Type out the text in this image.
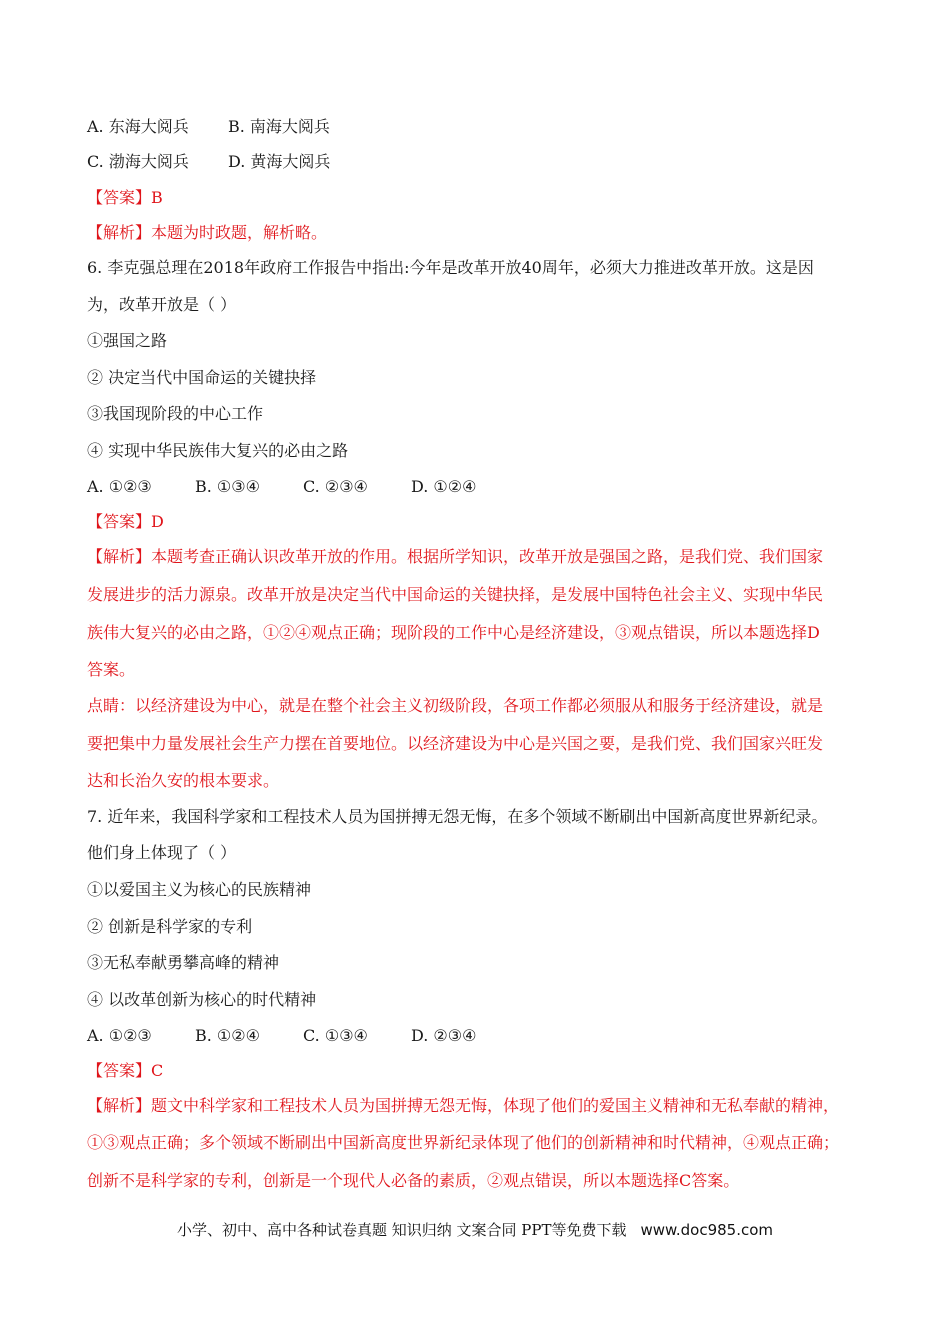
A. 东海大阅兵 B. 南海大阅兵
C. 渤海大阅兵 D. 黄海大阅兵
【答案】B
【解析】本题为时政题，解析略。
6. 李克强总理在2018年政府工作报告中指出:今年是改革开放40周年，必须大力推进改革开放。这是因
为，改革开放是（ ）
①强国之路
② 决定当代中国命运的关键抉择
③我国现阶段的中心工作
④ 实现中华民族伟大复兴的必由之路
A. ①②③	B. ①③④	C. ②③④	D. ①②④
【答案】D
【解析】本题考查正确认识改革开放的作用。根据所学知识，改革开放是强国之路，是我们党、我们国家
发展进步的活力源泉。改革开放是决定当代中国命运的关键抉择，是发展中国特色社会主义、实现中华民
族伟大复兴的必由之路，①②④观点正确；现阶段的工作中心是经济建设，③观点错误，所以本题选择D
答案。
点睛：以经济建设为中心，就是在整个社会主义初级阶段，各项工作都必须服从和服务于经济建设，就是
要把集中力量发展社会生产力摆在首要地位。以经济建设为中心是兴国之要，是我们党、我们国家兴旺发
达和长治久安的根本要求。
7. 近年来，我国科学家和工程技术人员为国拼搏无怨无悔，在多个领域不断刷出中国新高度世界新纪录。
他们身上体现了（ ）
①以爱国主义为核心的民族精神
② 创新是科学家的专利
③无私奉献勇攀高峰的精神
④ 以改革创新为核心的时代精神
A. ①②③	B. ①②④	C. ①③④	D. ②③④
【答案】C
【解析】题文中科学家和工程技术人员为国拼搏无怨无悔，体现了他们的爱国主义精神和无私奉献的精神，
①③观点正确；多个领域不断刷出中国新高度世界新纪录体现了他们的创新精神和时代精神，④观点正确；
创新不是科学家的专利，创新是一个现代人必备的素质，②观点错误，所以本题选择C答案。
小学、初中、高中各种试卷真题 知识归纳 文案合同 PPT等免费下载 www.doc985.com
